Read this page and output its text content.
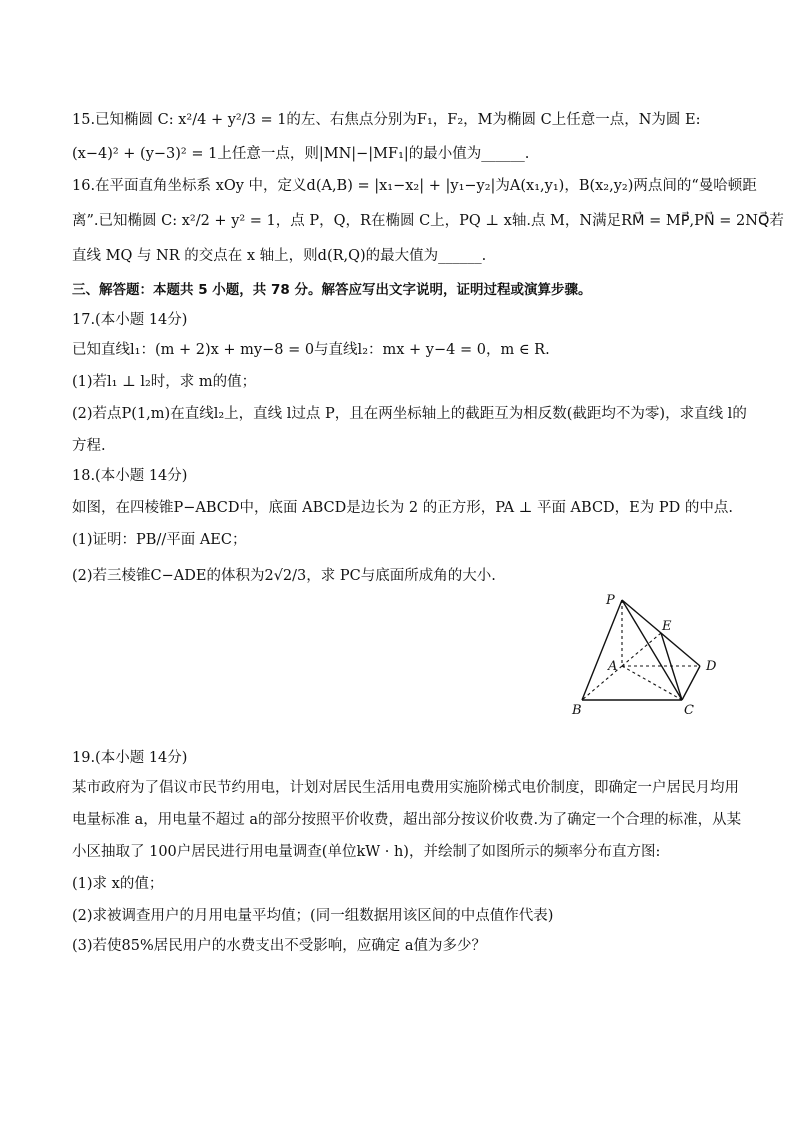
15.已知椭圆 C: x²/4 + y²/3 = 1的左、右焦点分别为F₁，F₂，M为椭圆 C上任意一点，N为圆 E:
(x−4)² + (y−3)² = 1上任意一点，则|MN|−|MF₁|的最小值为______.
16.在平面直角坐标系 xOy 中，定义d(A,B) = |x₁−x₂| + |y₁−y₂|为A(x₁,y₁)，B(x₂,y₂)两点间的“曼哈顿距
离”.已知椭圆 C: x²/2 + y² = 1，点 P，Q，R在椭圆 C上，PQ ⊥ x轴.点 M，N满足RM⃗ = MP⃗,PN⃗ = 2NQ⃗若
直线 MQ 与 NR 的交点在 x 轴上，则d(R,Q)的最大值为______.
三、解答题：本题共 5 小题，共 78 分。解答应写出文字说明，证明过程或演算步骤。
17.(本小题 14分)
已知直线l₁：(m + 2)x + my−8 = 0与直线l₂：mx + y−4 = 0，m ∈ R.
(1)若l₁ ⊥ l₂时，求 m的值；
(2)若点P(1,m)在直线l₂上，直线 l过点 P，且在两坐标轴上的截距互为相反数(截距均不为零)，求直线 l的
方程.
18.(本小题 14分)
如图，在四棱锥P−ABCD中，底面 ABCD是边长为 2 的正方形，PA ⊥ 平面 ABCD，E为 PD 的中点.
(1)证明：PB//平面 AEC；
(2)若三棱锥C−ADE的体积为2√2/3，求 PC与底面所成角的大小.
P
E
A	D
B	C
19.(本小题 14分)
某市政府为了倡议市民节约用电，计划对居民生活用电费用实施阶梯式电价制度，即确定一户居民月均用
电量标准 a，用电量不超过 a的部分按照平价收费，超出部分按议价收费.为了确定一个合理的标准，从某
小区抽取了 100户居民进行用电量调查(单位kW · h)，并绘制了如图所示的频率分布直方图:
(1)求 x的值；
(2)求被调查用户的月用电量平均值；(同一组数据用该区间的中点值作代表)
(3)若使85%居民用户的水费支出不受影响，应确定 a值为多少？
